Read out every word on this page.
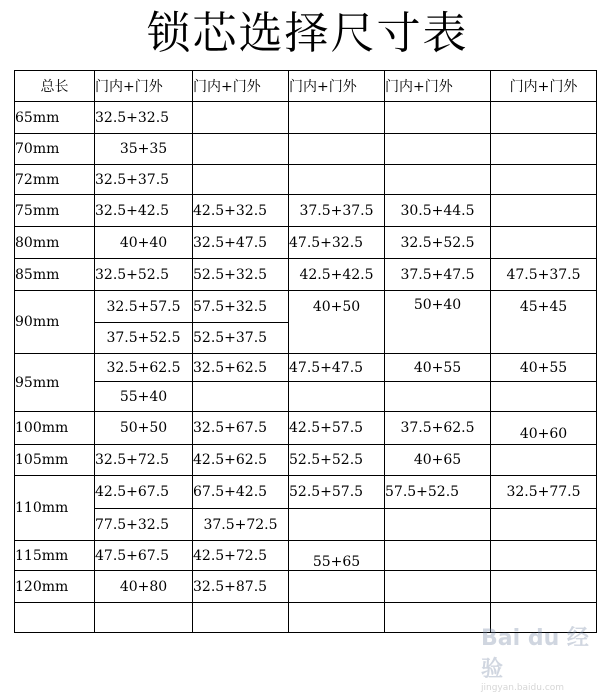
锁芯选择尺寸表
总长	门内+门外	门内+门外	门内+门外	门内+门外	门内+门外
65mm	32.5+32.5				
70mm	35+35				
72mm	32.5+37.5				
75mm	32.5+42.5	42.5+32.5	37.5+37.5	30.5+44.5	
80mm	40+40	32.5+47.5	47.5+32.5	32.5+52.5	
85mm	32.5+52.5	52.5+32.5	42.5+42.5	37.5+47.5	47.5+37.5
90mm	32.5+57.5	57.5+32.5	40+50	50+40	45+45
	37.5+52.5	52.5+37.5			
95mm	32.5+62.5	32.5+62.5	47.5+47.5	40+55	40+55
	55+40				
100mm	50+50	32.5+67.5	42.5+57.5	37.5+62.5	40+60
105mm	32.5+72.5	42.5+62.5	52.5+52.5	40+65	
110mm	42.5+67.5	67.5+42.5	52.5+57.5	57.5+52.5	32.5+77.5
	77.5+32.5	37.5+72.5			
115mm	47.5+67.5	42.5+72.5	55+65		
120mm	40+80	32.5+87.5			

Bai du 经验
jingyan.baidu.com
